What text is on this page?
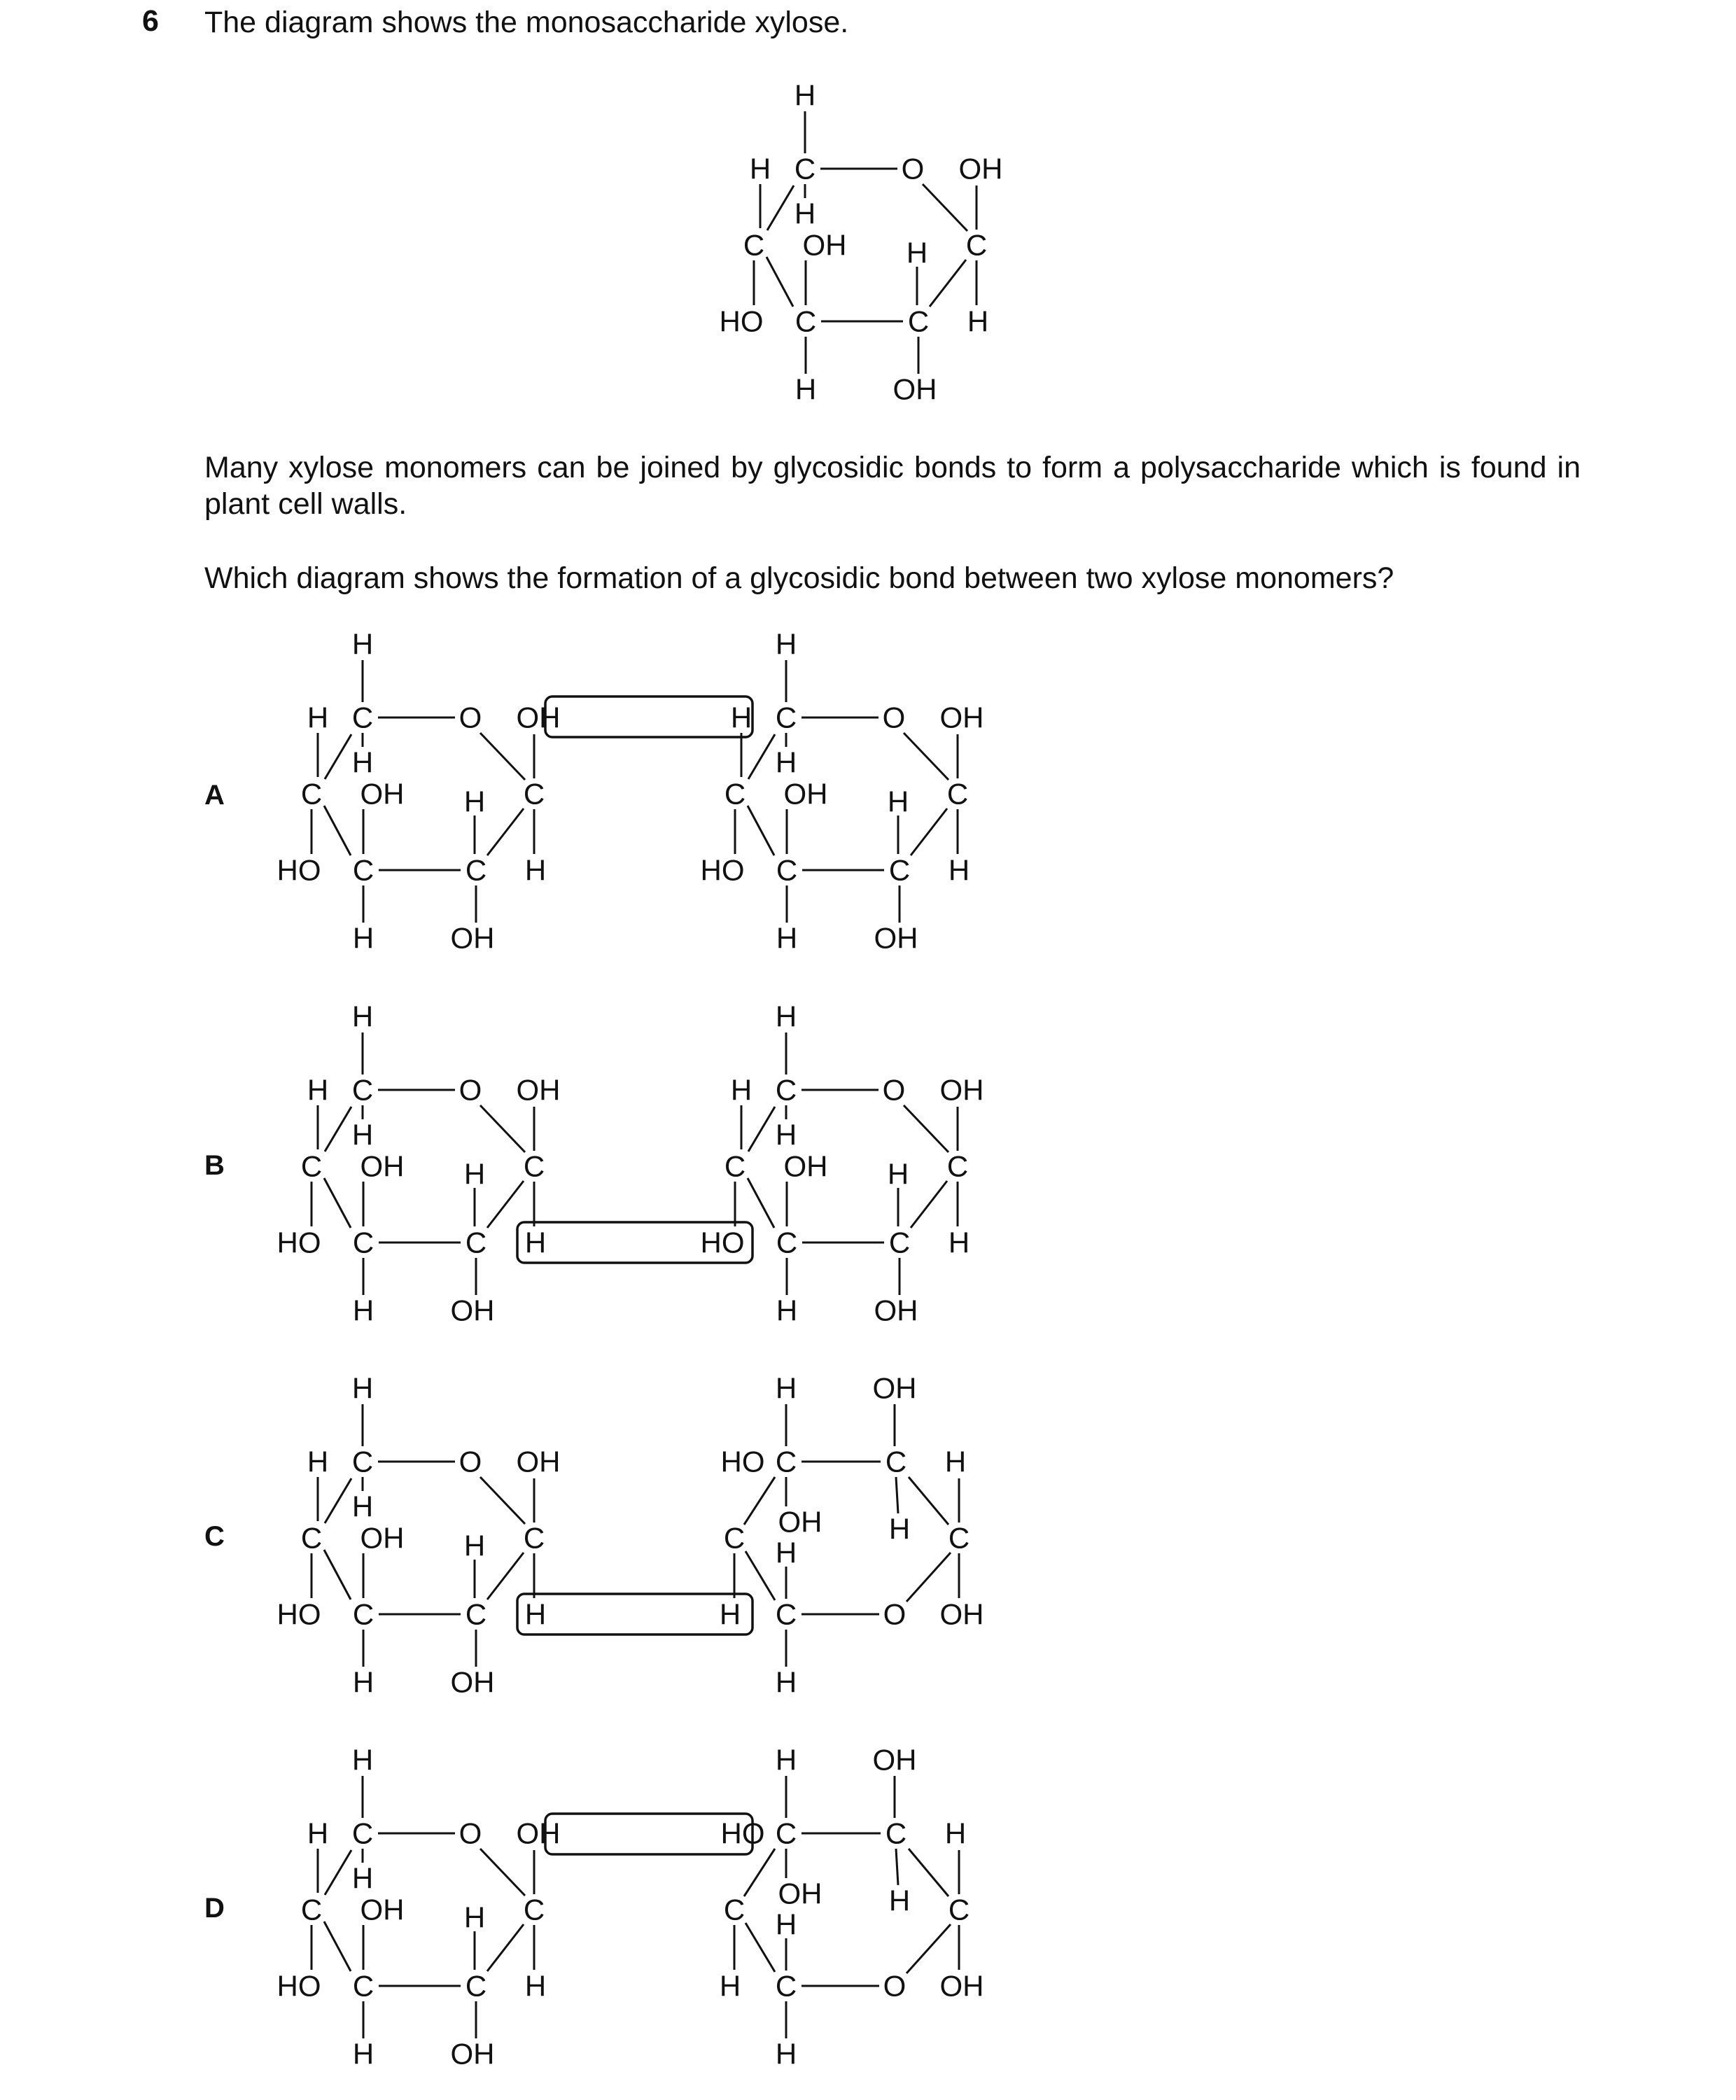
6 The diagram shows the monosaccharide xylose.
Many xylose monomers can be joined by glycosidic bonds to form a polysaccharide which is found in plant cell walls.
Which diagram shows the formation of a glycosidic bond between two xylose monomers?
A
B
C
D
H
C
H
H
O OH
C OH H C
HO C	C H
H	OH
H
C
H
H
O OH
C OH H C
HO C	C H
H	OH
H
C
H
H
O OH
C OH H C
HO C	C H
H	OH
H
C
H
H
O OH
C OH H C
HO C	C H
H	OH
H
C
H
H
O OH
C OH H C
HO C	C H
H	OH
H
C
H
H
O OH
C OH H C
HO C	C H
H	OH
H	OH
HO C	C H
OH H
C	C
H
H C	O OH
H
H
C
H
H
O OH
C OH H C
HO C	C H
H	OH
H	OH
HO C	C H
OH H
C	C
H
H C	O OH
H
